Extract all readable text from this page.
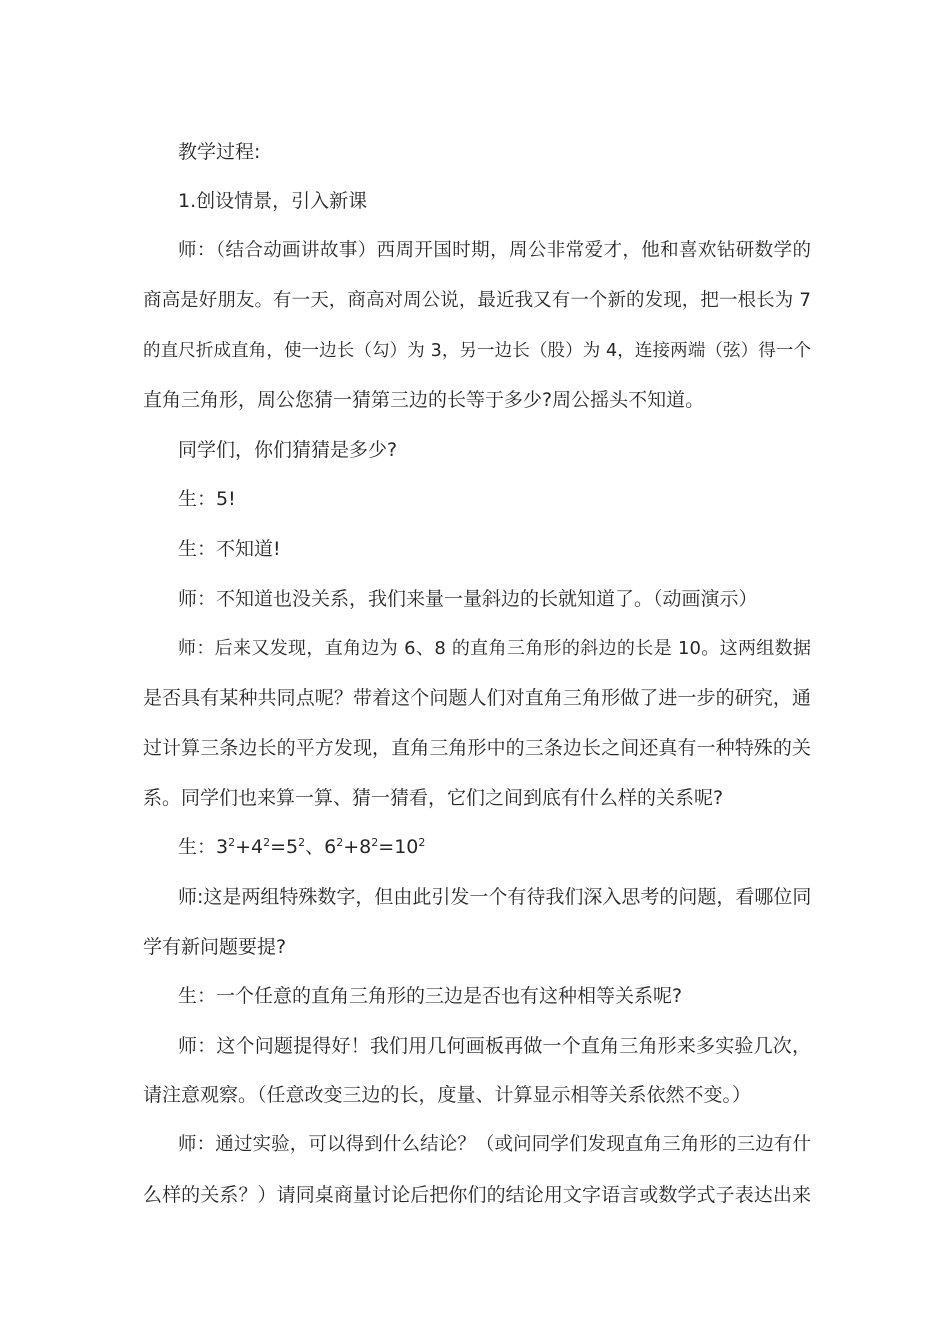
教学过程:
1.创设情景，引入新课
师：（结合动画讲故事）西周开国时期，周公非常爱才，他和喜欢钻研数学的
商高是好朋友。有一天，商高对周公说，最近我又有一个新的发现，把一根长为 7
的直尺折成直角，使一边长（勾）为 3，另一边长（股）为 4，连接两端（弦）得一个
直角三角形，周公您猜一猜第三边的长等于多少?周公摇头不知道。
同学们，你们猜猜是多少?
生：5!
生：不知道!
师：不知道也没关系，我们来量一量斜边的长就知道了。（动画演示）
师：后来又发现，直角边为 6、8 的直角三角形的斜边的长是 10。这两组数据
是否具有某种共同点呢？带着这个问题人们对直角三角形做了进一步的研究，通
过计算三条边长的平方发现，直角三角形中的三条边长之间还真有一种特殊的关
系。同学们也来算一算、猜一猜看，它们之间到底有什么样的关系呢?
生：$3^2+4^2=5^2$、$6^2+8^2=10^2$
师:这是两组特殊数字，但由此引发一个有待我们深入思考的问题，看哪位同
学有新问题要提?
生：一个任意的直角三角形的三边是否也有这种相等关系呢?
师：这个问题提得好！我们用几何画板再做一个直角三角形来多实验几次，
请注意观察。（任意改变三边的长，度量、计算显示相等关系依然不变。）
师：通过实验，可以得到什么结论？（或问同学们发现直角三角形的三边有什
么样的关系？）请同桌商量讨论后把你们的结论用文字语言或数学式子表达出来
